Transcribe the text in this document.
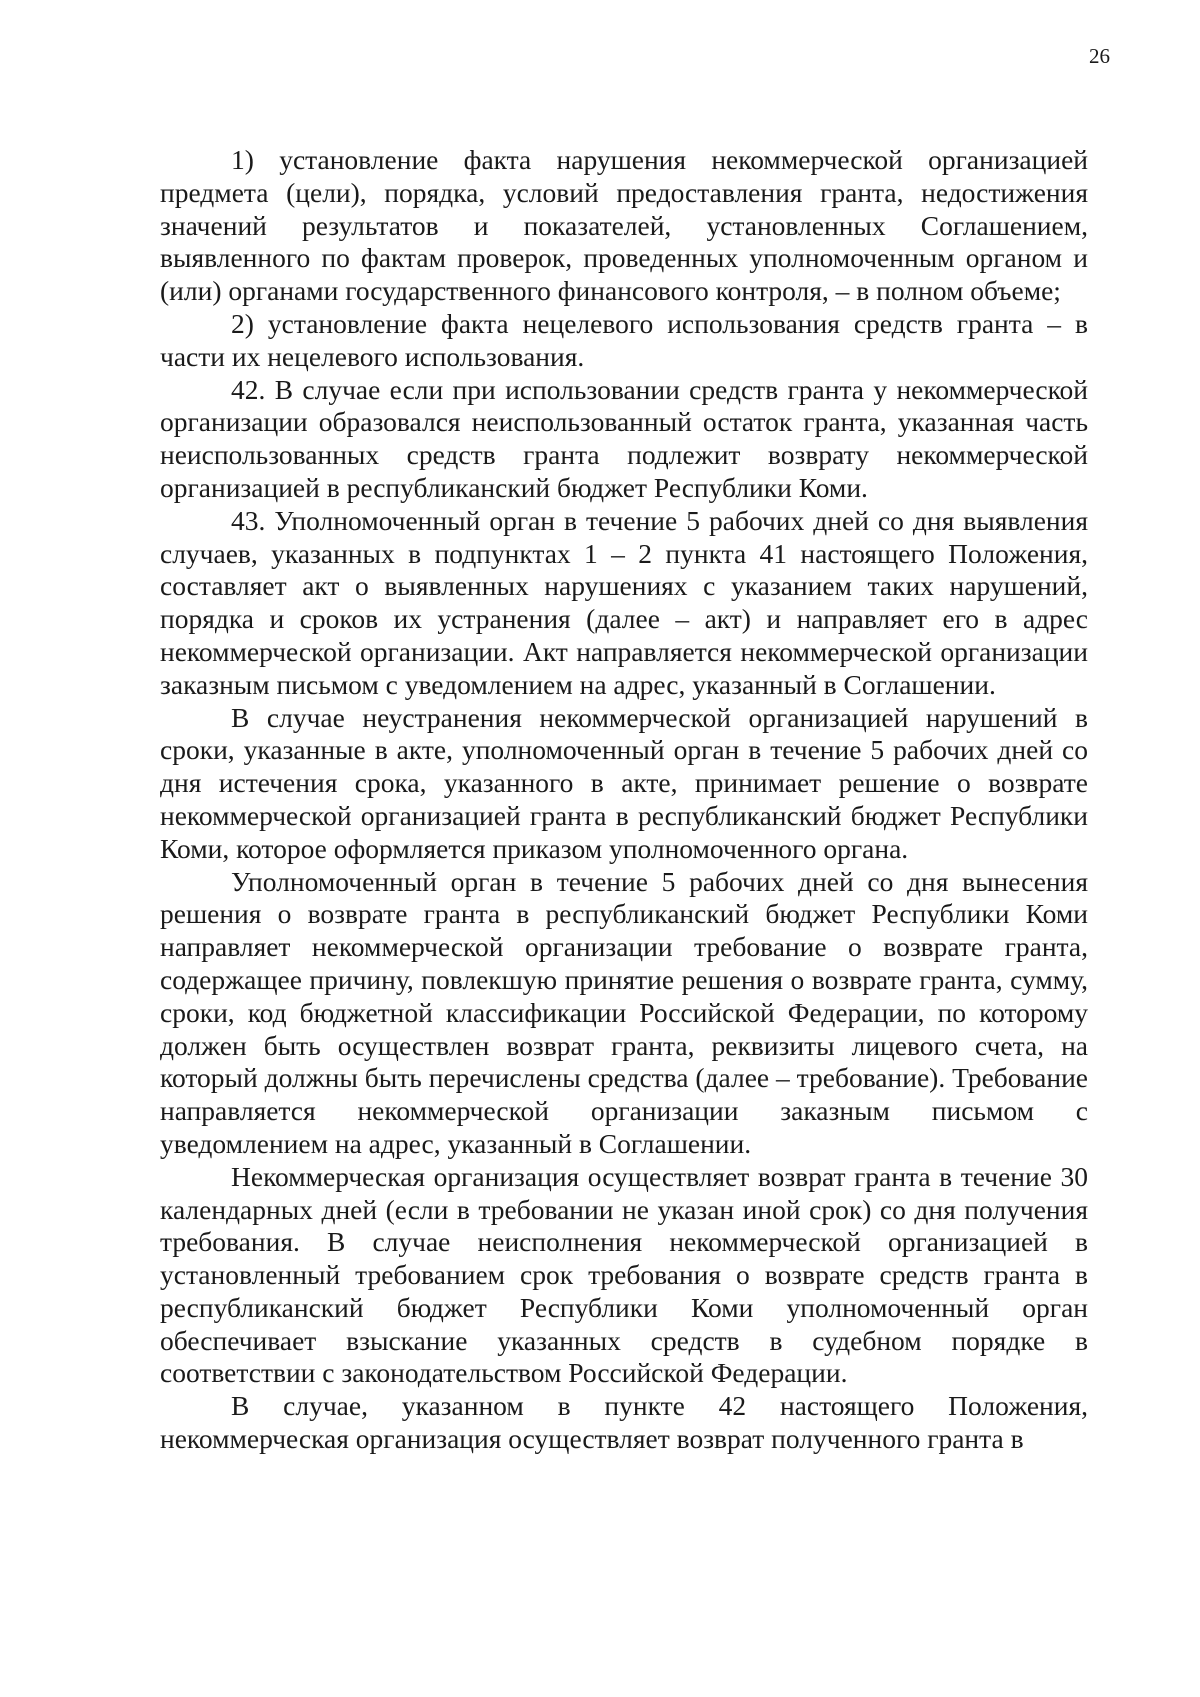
26

1) установление факта нарушения некоммерческой организацией предмета (цели), порядка, условий предоставления гранта, недостижения значений результатов и показателей, установленных Соглашением, выявленного по фактам проверок, проведенных уполномоченным органом и (или) органами государственного финансового контроля, – в полном объеме;

2) установление факта нецелевого использования средств гранта – в части их нецелевого использования.

42. В случае если при использовании средств гранта у некоммерческой организации образовался неиспользованный остаток гранта, указанная часть неиспользованных средств гранта подлежит возврату некоммерческой организацией в республиканский бюджет Республики Коми.

43. Уполномоченный орган в течение 5 рабочих дней со дня выявления случаев, указанных в подпунктах 1 – 2 пункта 41 настоящего Положения, составляет акт о выявленных нарушениях с указанием таких нарушений, порядка и сроков их устранения (далее – акт) и направляет его в адрес некоммерческой организации. Акт направляется некоммерческой организации заказным письмом с уведомлением на адрес, указанный в Соглашении.

В случае неустранения некоммерческой организацией нарушений в сроки, указанные в акте, уполномоченный орган в течение 5 рабочих дней со дня истечения срока, указанного в акте, принимает решение о возврате некоммерческой организацией гранта в республиканский бюджет Республики Коми, которое оформляется приказом уполномоченного органа.

Уполномоченный орган в течение 5 рабочих дней со дня вынесения решения о возврате гранта в республиканский бюджет Республики Коми направляет некоммерческой организации требование о возврате гранта, содержащее причину, повлекшую принятие решения о возврате гранта, сумму, сроки, код бюджетной классификации Российской Федерации, по которому должен быть осуществлен возврат гранта, реквизиты лицевого счета, на который должны быть перечислены средства (далее – требование). Требование направляется некоммерческой организации заказным письмом с уведомлением на адрес, указанный в Соглашении.

Некоммерческая организация осуществляет возврат гранта в течение 30 календарных дней (если в требовании не указан иной срок) со дня получения требования. В случае неисполнения некоммерческой организацией в установленный требованием срок требования о возврате средств гранта в республиканский бюджет Республики Коми уполномоченный орган обеспечивает взыскание указанных средств в судебном порядке в соответствии с законодательством Российской Федерации.

В случае, указанном в пункте 42 настоящего Положения, некоммерческая организация осуществляет возврат полученного гранта в
